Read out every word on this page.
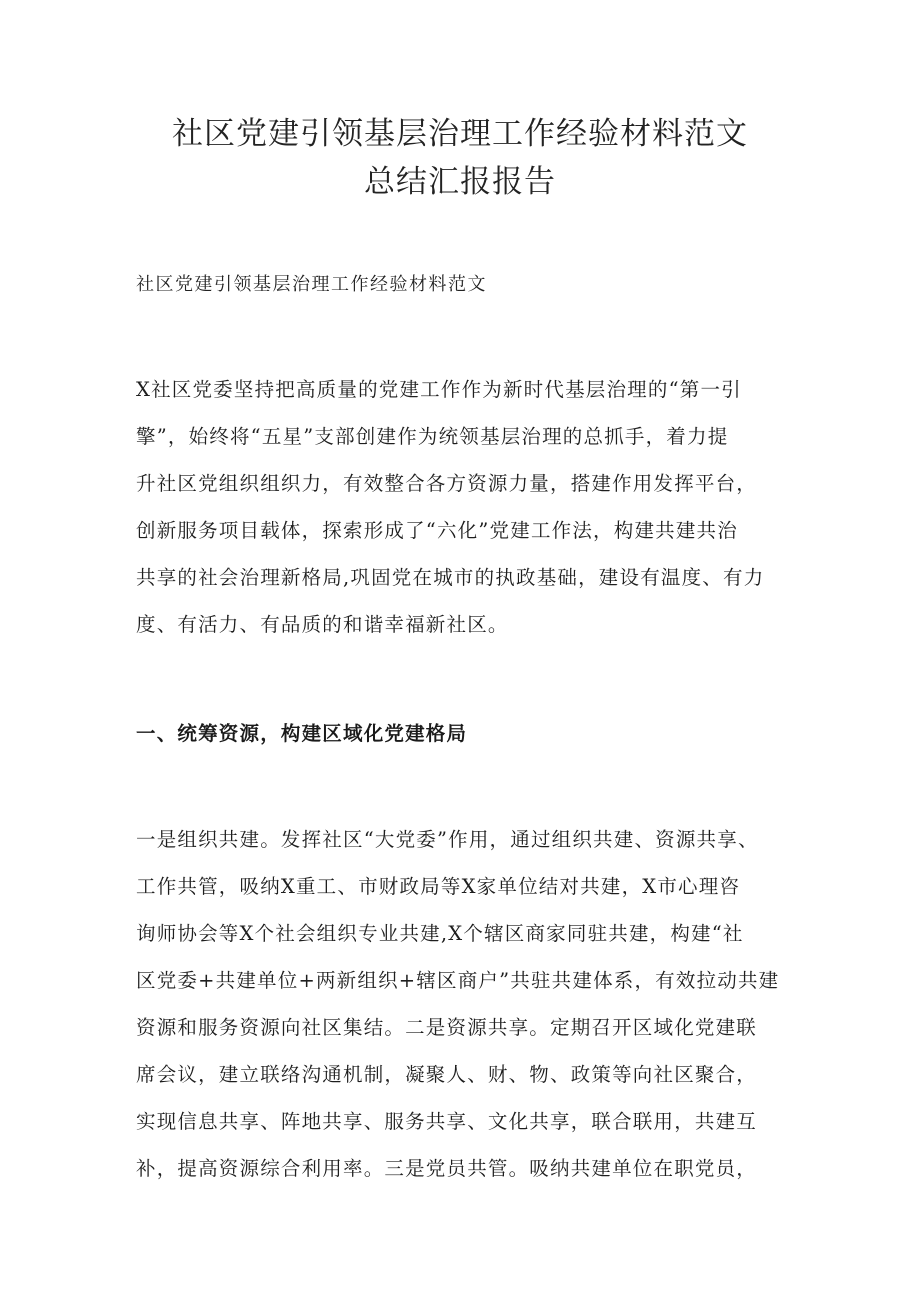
社区党建引领基层治理工作经验材料范文
总结汇报报告

社区党建引领基层治理工作经验材料范文

X社区党委坚持把高质量的党建工作作为新时代基层治理的“第一引
擎”，始终将“五星”支部创建作为统领基层治理的总抓手，着力提
升社区党组织组织力，有效整合各方资源力量，搭建作用发挥平台，
创新服务项目载体，探索形成了“六化”党建工作法，构建共建共治
共享的社会治理新格局,巩固党在城市的执政基础，建设有温度、有力
度、有活力、有品质的和谐幸福新社区。
一、统筹资源，构建区域化党建格局
一是组织共建。发挥社区“大党委”作用，通过组织共建、资源共享、
工作共管，吸纳X重工、市财政局等X家单位结对共建，X市心理咨
询师协会等X个社会组织专业共建,X个辖区商家同驻共建，构建“社
区党委+共建单位+两新组织+辖区商户”共驻共建体系，有效拉动共建
资源和服务资源向社区集结。二是资源共享。定期召开区域化党建联
席会议，建立联络沟通机制，凝聚人、财、物、政策等向社区聚合，
实现信息共享、阵地共享、服务共享、文化共享，联合联用，共建互
补，提高资源综合利用率。三是党员共管。吸纳共建单位在职党员，
